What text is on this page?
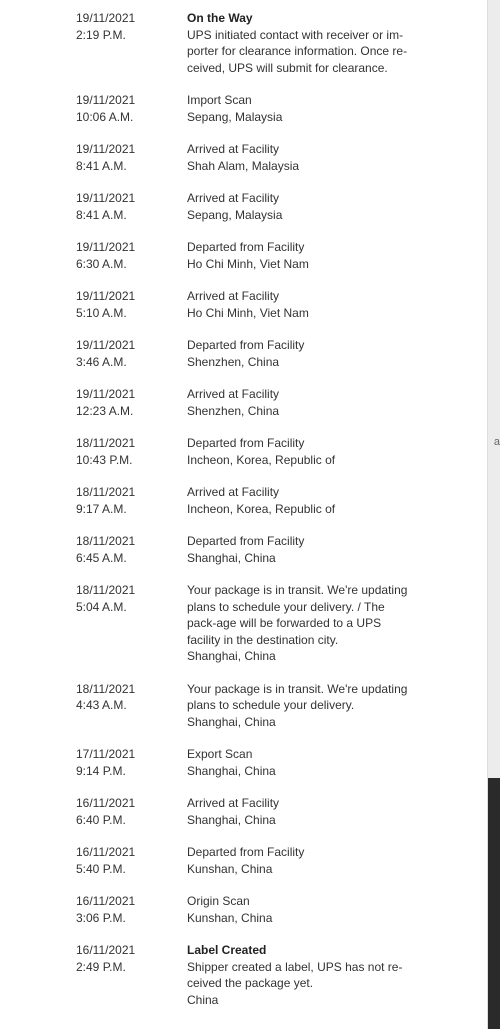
a
19/11/2021
2:19 P.M.
On the Way
UPS initiated contact with receiver or im-porter for clearance information. Once re-ceived, UPS will submit for clearance.
19/11/2021
10:06 A.M.
Import Scan
Sepang, Malaysia
19/11/2021
8:41 A.M.
Arrived at Facility
Shah Alam, Malaysia
19/11/2021
8:41 A.M.
Arrived at Facility
Sepang, Malaysia
19/11/2021
6:30 A.M.
Departed from Facility
Ho Chi Minh, Viet Nam
19/11/2021
5:10 A.M.
Arrived at Facility
Ho Chi Minh, Viet Nam
19/11/2021
3:46 A.M.
Departed from Facility
Shenzhen, China
19/11/2021
12:23 A.M.
Arrived at Facility
Shenzhen, China
18/11/2021
10:43 P.M.
Departed from Facility
Incheon, Korea, Republic of
18/11/2021
9:17 A.M.
Arrived at Facility
Incheon, Korea, Republic of
18/11/2021
6:45 A.M.
Departed from Facility
Shanghai, China
18/11/2021
5:04 A.M.
Your package is in transit. We're updating plans to schedule your delivery. / The pack-age will be forwarded to a UPS facility in the destination city.
Shanghai, China
18/11/2021
4:43 A.M.
Your package is in transit. We're updating plans to schedule your delivery.
Shanghai, China
17/11/2021
9:14 P.M.
Export Scan
Shanghai, China
16/11/2021
6:40 P.M.
Arrived at Facility
Shanghai, China
16/11/2021
5:40 P.M.
Departed from Facility
Kunshan, China
16/11/2021
3:06 P.M.
Origin Scan
Kunshan, China
16/11/2021
2:49 P.M.
Label Created
Shipper created a label, UPS has not re-ceived the package yet.
China
